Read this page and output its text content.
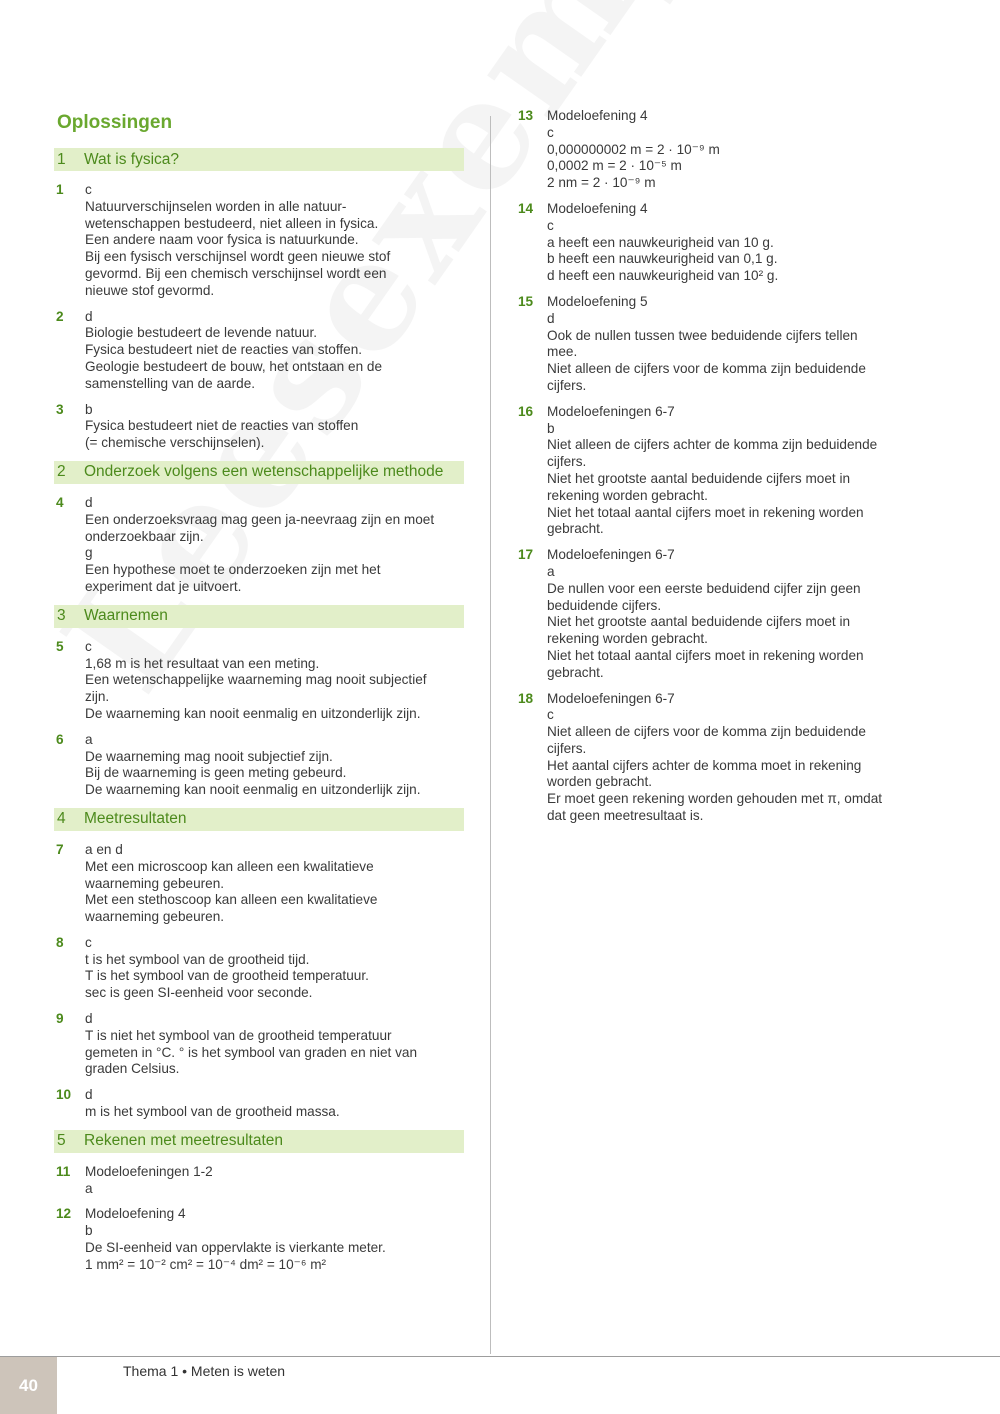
Oplossingen
1	Wat is fysica?
1	c
Natuurverschijnselen worden in alle natuur-
wetenschappen bestudeerd, niet alleen in fysica.
Een andere naam voor fysica is natuurkunde.
Bij een fysisch verschijnsel wordt geen nieuwe stof
gevormd. Bij een chemisch verschijnsel wordt een
nieuwe stof gevormd.
2	d
Biologie bestudeert de levende natuur.
Fysica bestudeert niet de reacties van stoffen.
Geologie bestudeert de bouw, het ontstaan en de
samenstelling van de aarde.
3	b
Fysica bestudeert niet de reacties van stoffen
(= chemische verschijnselen).
2	Onderzoek volgens een wetenschappelijke methode
4	d
Een onderzoeksvraag mag geen ja-neevraag zijn en moet
onderzoekbaar zijn.
g
Een hypothese moet te onderzoeken zijn met het
experiment dat je uitvoert.
3	Waarnemen
5	c
1,68 m is het resultaat van een meting.
Een wetenschappelijke waarneming mag nooit subjectief
zijn.
De waarneming kan nooit eenmalig en uitzonderlijk zijn.
6	a
De waarneming mag nooit subjectief zijn.
Bij de waarneming is geen meting gebeurd.
De waarneming kan nooit eenmalig en uitzonderlijk zijn.
4	Meetresultaten
7	a en d
Met een microscoop kan alleen een kwalitatieve
waarneming gebeuren.
Met een stethoscoop kan alleen een kwalitatieve
waarneming gebeuren.
8	c
t is het symbool van de grootheid tijd.
T is het symbool van de grootheid temperatuur.
sec is geen SI-eenheid voor seconde.
9	d
T is niet het symbool van de grootheid temperatuur
gemeten in °C. ° is het symbool van graden en niet van
graden Celsius.
10	d
m is het symbool van de grootheid massa.
5	Rekenen met meetresultaten
11	Modeloefeningen 1-2
a
12	Modeloefening 4
b
De SI-eenheid van oppervlakte is vierkante meter.
1 mm² = 10⁻² cm² = 10⁻⁴ dm² = 10⁻⁶ m²
13	Modeloefening 4
c
0,000000002 m = 2 · 10⁻⁹ m
0,0002 m = 2 · 10⁻⁵ m
2 nm = 2 · 10⁻⁹ m
14	Modeloefening 4
c
a heeft een nauwkeurigheid van 10 g.
b heeft een nauwkeurigheid van 0,1 g.
d heeft een nauwkeurigheid van 10² g.
15	Modeloefening 5
d
Ook de nullen tussen twee beduidende cijfers tellen
mee.
Niet alleen de cijfers voor de komma zijn beduidende
cijfers.
16	Modeloefeningen 6-7
b
Niet alleen de cijfers achter de komma zijn beduidende
cijfers.
Niet het grootste aantal beduidende cijfers moet in
rekening worden gebracht.
Niet het totaal aantal cijfers moet in rekening worden
gebracht.
17	Modeloefeningen 6-7
a
De nullen voor een eerste beduidend cijfer zijn geen
beduidende cijfers.
Niet het grootste aantal beduidende cijfers moet in
rekening worden gebracht.
Niet het totaal aantal cijfers moet in rekening worden
gebracht.
18	Modeloefeningen 6-7
c
Niet alleen de cijfers voor de komma zijn beduidende
cijfers.
Het aantal cijfers achter de komma moet in rekening
worden gebracht.
Er moet geen rekening worden gehouden met π, omdat
dat geen meetresultaat is.
40
Thema 1 • Meten is weten
